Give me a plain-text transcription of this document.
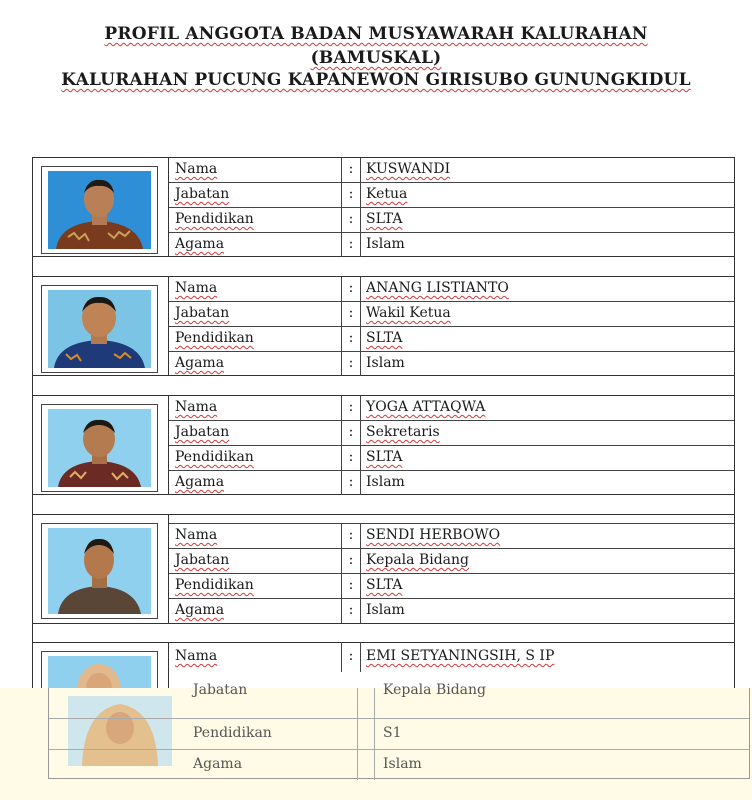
PROFIL ANGGOTA BADAN MUSYAWARAH KALURAHAN
(BAMUSKAL)
KALURAHAN PUCUNG KAPANEWON GIRISUBO GUNUNGKIDUL
Nama	: KUSWANDI
Jabatan	: Ketua
Pendidikan	: SLTA
Agama	: Islam
Nama	: ANANG LISTIANTO
Jabatan	: Wakil Ketua
Pendidikan	: SLTA
Agama	: Islam
Nama	: YOGA ATTAQWA
Jabatan	: Sekretaris
Pendidikan	: SLTA
Agama	: Islam
Nama	: SENDI HERBOWO
Jabatan	: Kepala Bidang
Pendidikan	: SLTA
Agama	: Islam
Nama	: EMI SETYANINGSIH, S IP
Jabatan	Kepala Bidang
Pendidikan	S1
Agama	Islam
